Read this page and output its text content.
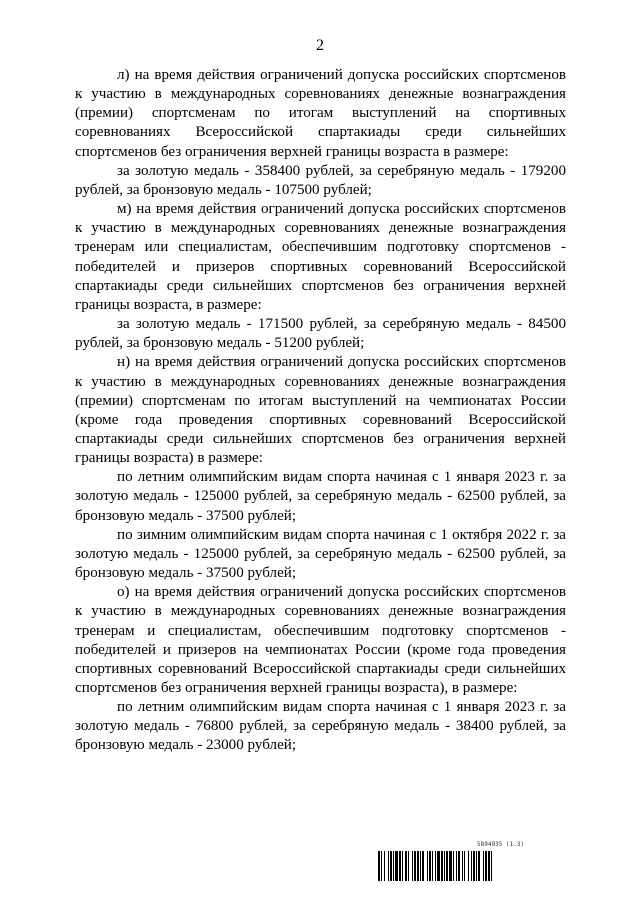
2

л) на время действия ограничений допуска российских спортсменов к участию в международных соревнованиях денежные вознаграждения (премии) спортсменам по итогам выступлений на спортивных соревнованиях Всероссийской спартакиады среди сильнейших спортсменов без ограничения верхней границы возраста в размере:

за золотую медаль - 358400 рублей, за серебряную медаль - 179200 рублей, за бронзовую медаль - 107500 рублей;

м) на время действия ограничений допуска российских спортсменов к участию в международных соревнованиях денежные вознаграждения тренерам или специалистам, обеспечившим подготовку спортсменов - победителей и призеров спортивных соревнований Всероссийской спартакиады среди сильнейших спортсменов без ограничения верхней границы возраста, в размере:

за золотую медаль - 171500 рублей, за серебряную медаль - 84500 рублей, за бронзовую медаль - 51200 рублей;

н) на время действия ограничений допуска российских спортсменов к участию в международных соревнованиях денежные вознаграждения (премии) спортсменам по итогам выступлений на чемпионатах России (кроме года проведения спортивных соревнований Всероссийской спартакиады среди сильнейших спортсменов без ограничения верхней границы возраста) в размере:

по летним олимпийским видам спорта начиная с 1 января 2023 г. за золотую медаль - 125000 рублей, за серебряную медаль - 62500 рублей, за бронзовую медаль - 37500 рублей;

по зимним олимпийским видам спорта начиная с 1 октября 2022 г. за золотую медаль - 125000 рублей, за серебряную медаль - 62500 рублей, за бронзовую медаль - 37500 рублей;

о) на время действия ограничений допуска российских спортсменов к участию в международных соревнованиях денежные вознаграждения тренерам и специалистам, обеспечившим подготовку спортсменов - победителей и призеров на чемпионатах России (кроме года проведения спортивных соревнований Всероссийской спартакиады среди сильнейших спортсменов без ограничения верхней границы возраста), в размере:

по летним олимпийским видам спорта начиная с 1 января 2023 г. за золотую медаль - 76800 рублей, за серебряную медаль - 38400 рублей, за бронзовую медаль - 23000 рублей;

5894935 (1.3)
